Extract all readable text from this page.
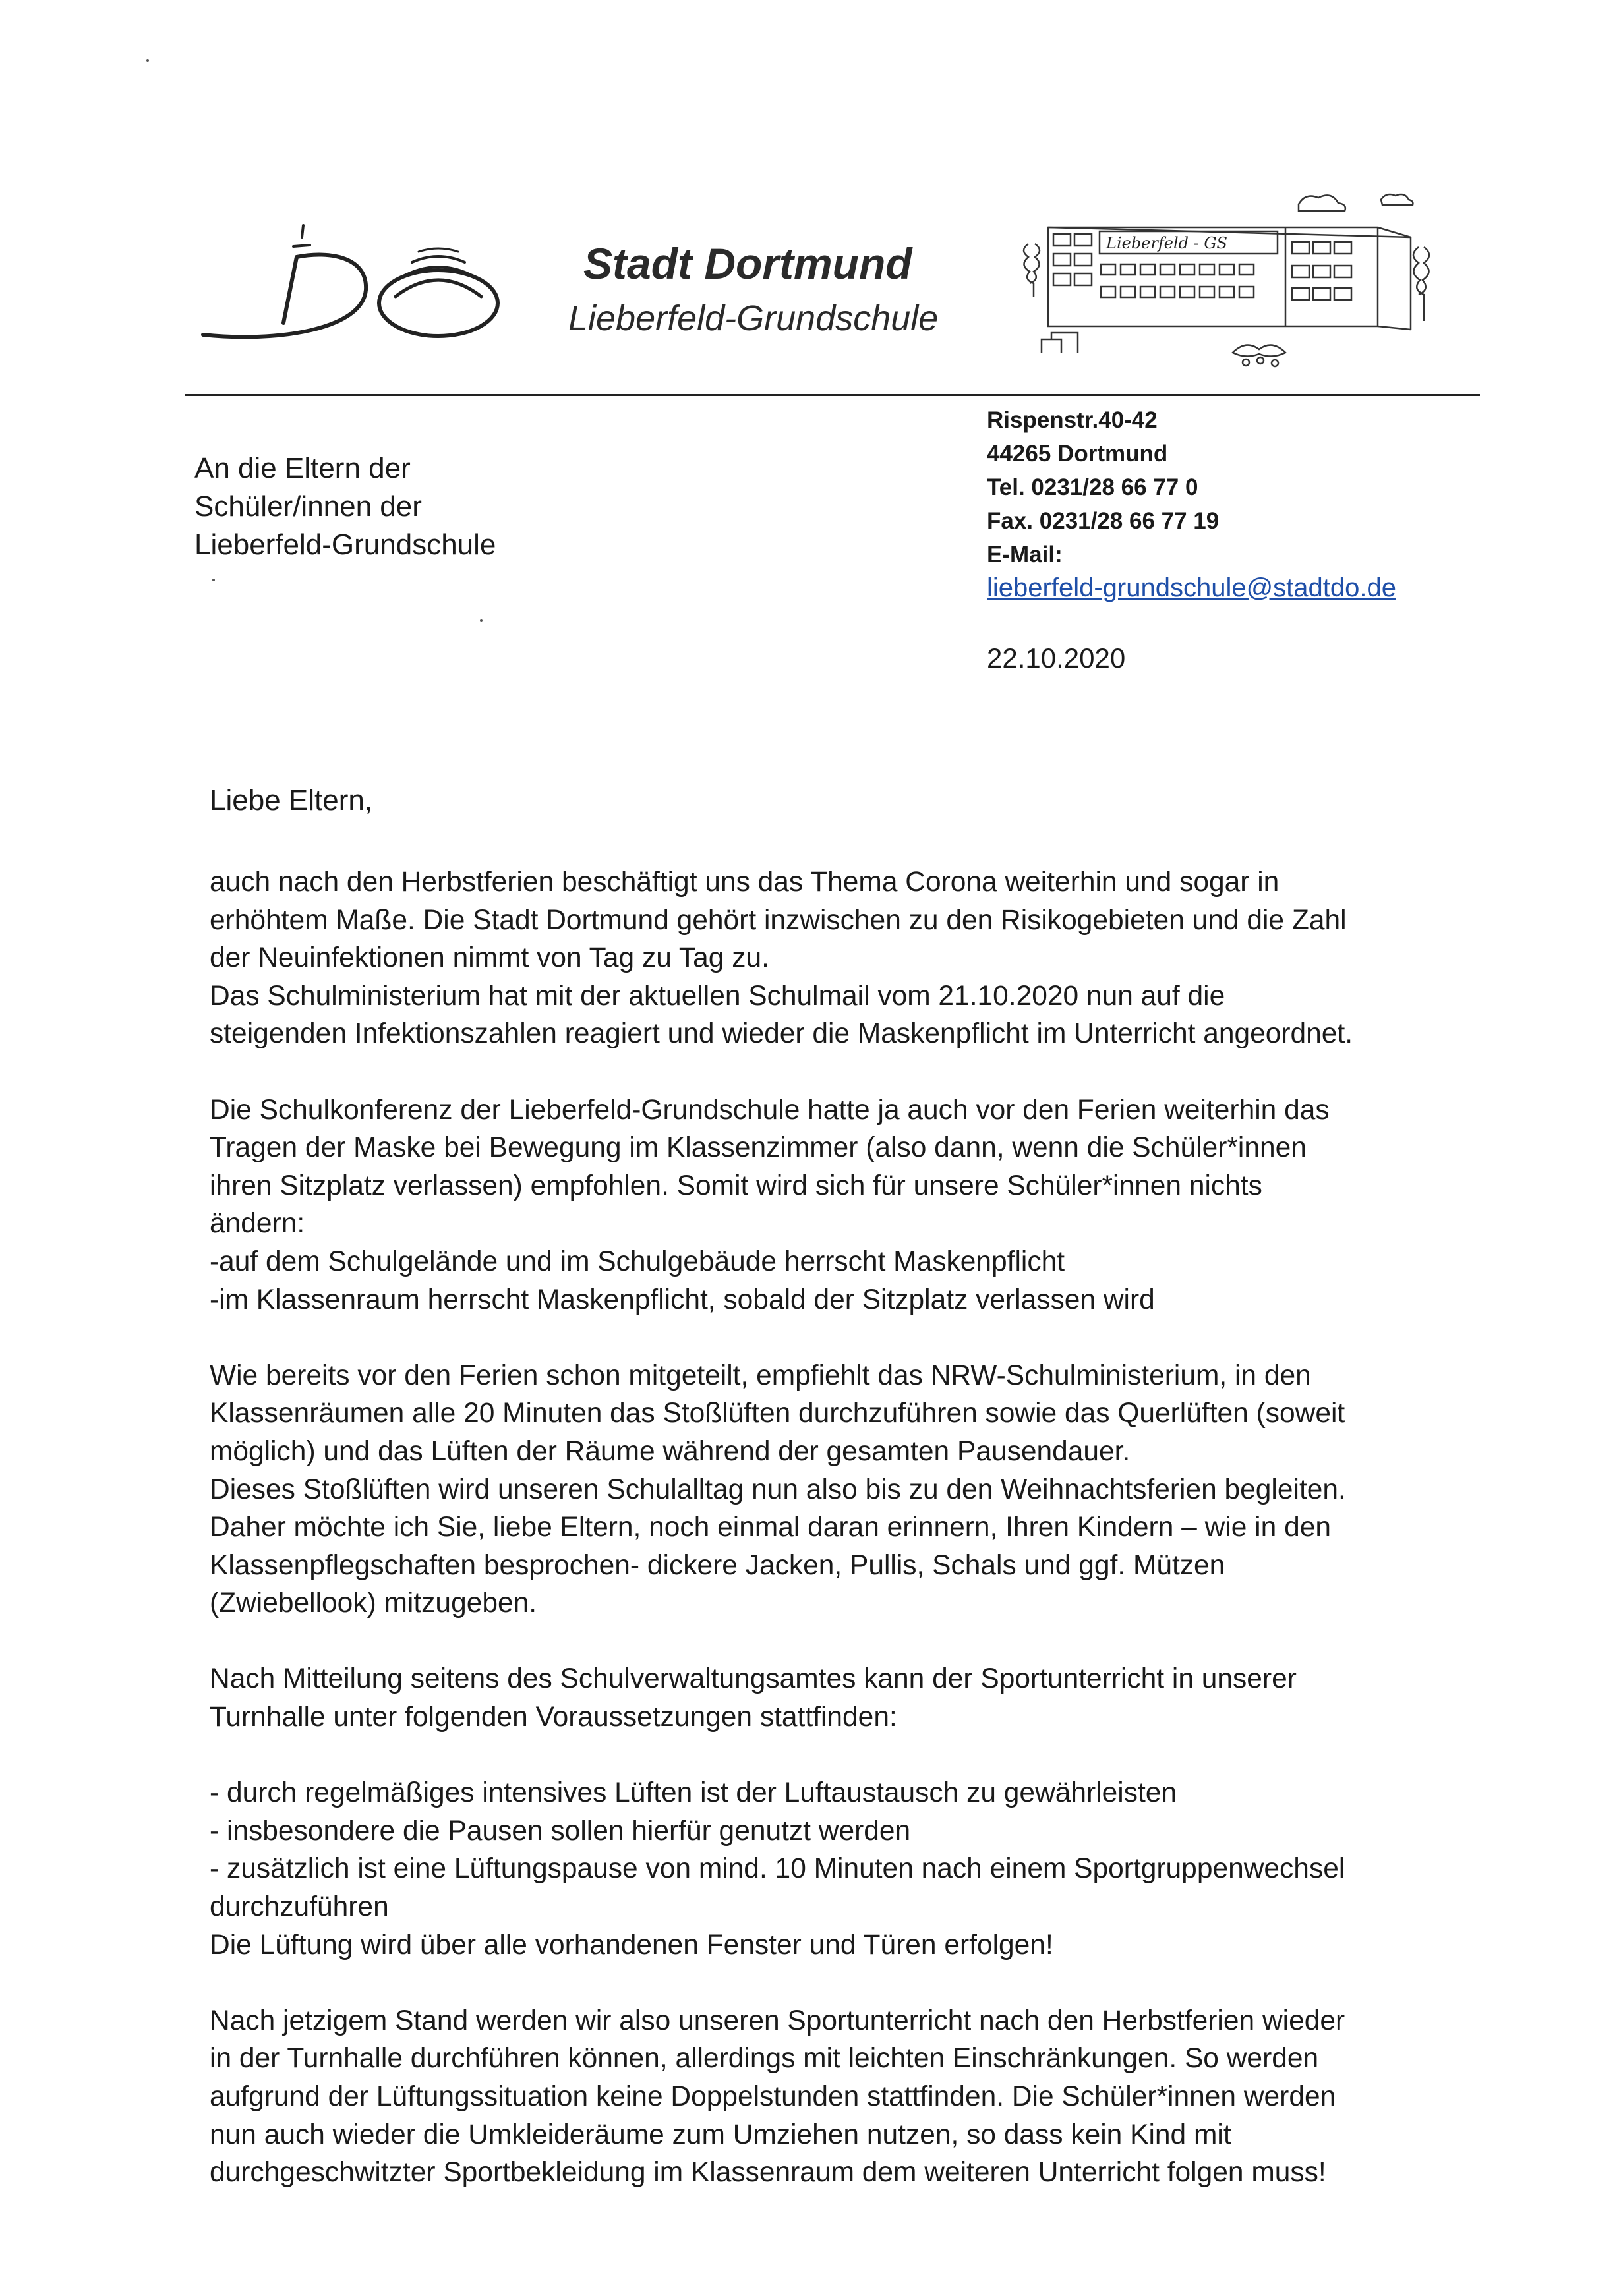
Stadt Dortmund
Lieberfeld-Grundschule
Lieberfeld - GS
An die Eltern der
Schüler/innen der
Lieberfeld-Grundschule
Rispenstr.40-42
44265 Dortmund
Tel. 0231/28 66 77 0
Fax. 0231/28 66 77 19
E-Mail:
lieberfeld-grundschule@stadtdo.de
22.10.2020
Liebe Eltern,
auch nach den Herbstferien beschäftigt uns das Thema Corona weiterhin und sogar in
erhöhtem Maße. Die Stadt Dortmund gehört inzwischen zu den Risikogebieten und die Zahl
der Neuinfektionen nimmt von Tag zu Tag zu.
Das Schulministerium hat mit der aktuellen Schulmail vom 21.10.2020 nun auf die
steigenden Infektionszahlen reagiert und wieder die Maskenpflicht im Unterricht angeordnet.
Die Schulkonferenz der Lieberfeld-Grundschule hatte ja auch vor den Ferien weiterhin das
Tragen der Maske bei Bewegung im Klassenzimmer (also dann, wenn die Schüler*innen
ihren Sitzplatz verlassen) empfohlen. Somit wird sich für unsere Schüler*innen nichts
ändern:
-auf dem Schulgelände und im Schulgebäude herrscht Maskenpflicht
-im Klassenraum herrscht Maskenpflicht, sobald der Sitzplatz verlassen wird
Wie bereits vor den Ferien schon mitgeteilt, empfiehlt das NRW-Schulministerium, in den
Klassenräumen alle 20 Minuten das Stoßlüften durchzuführen sowie das Querlüften (soweit
möglich) und das Lüften der Räume während der gesamten Pausendauer.
Dieses Stoßlüften wird unseren Schulalltag nun also bis zu den Weihnachtsferien begleiten.
Daher möchte ich Sie, liebe Eltern, noch einmal daran erinnern, Ihren Kindern – wie in den
Klassenpflegschaften besprochen- dickere Jacken, Pullis, Schals und ggf. Mützen
(Zwiebellook) mitzugeben.
Nach Mitteilung seitens des Schulverwaltungsamtes kann der Sportunterricht in unserer
Turnhalle unter folgenden Voraussetzungen stattfinden:
- durch regelmäßiges intensives Lüften ist der Luftaustausch zu gewährleisten
- insbesondere die Pausen sollen hierfür genutzt werden
- zusätzlich ist eine Lüftungspause von mind. 10 Minuten nach einem Sportgruppenwechsel
durchzuführen
Die Lüftung wird über alle vorhandenen Fenster und Türen erfolgen!
Nach jetzigem Stand werden wir also unseren Sportunterricht nach den Herbstferien wieder
in der Turnhalle durchführen können, allerdings mit leichten Einschränkungen. So werden
aufgrund der Lüftungssituation keine Doppelstunden stattfinden. Die Schüler*innen werden
nun auch wieder die Umkleideräume zum Umziehen nutzen, so dass kein Kind mit
durchgeschwitzter Sportbekleidung im Klassenraum dem weiteren Unterricht folgen muss!
